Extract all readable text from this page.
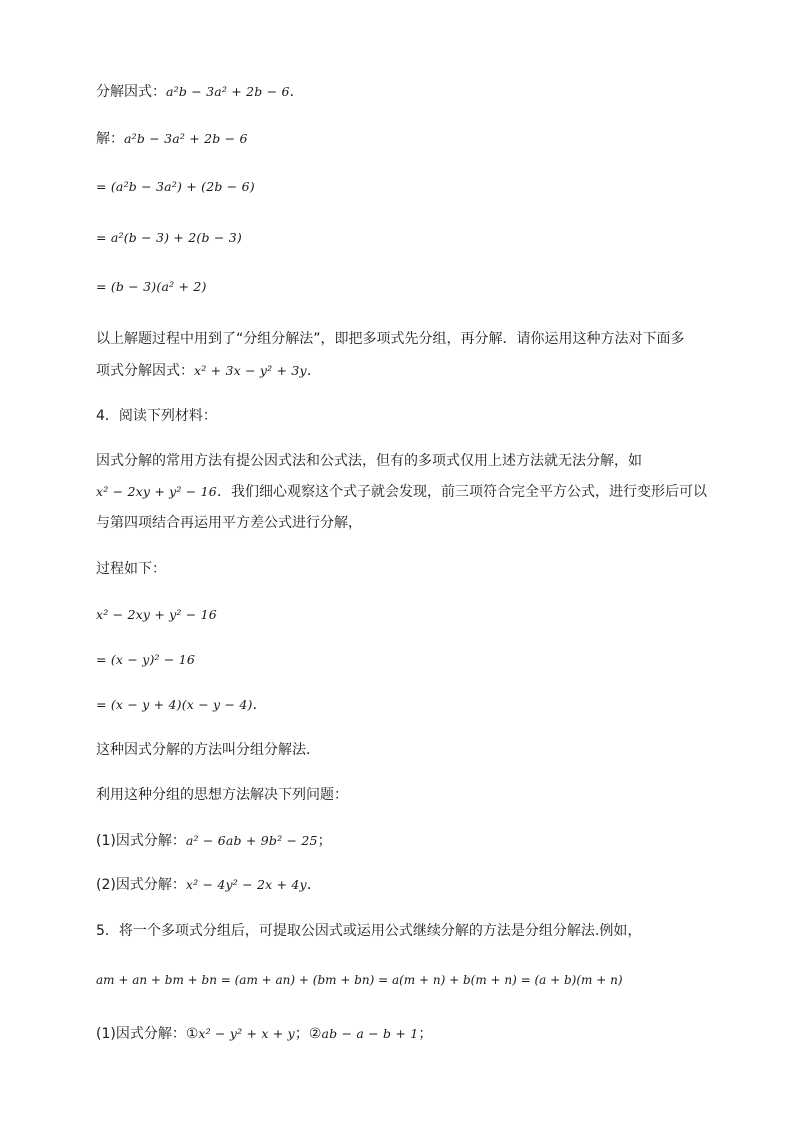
分解因式：a²b − 3a² + 2b − 6．
解：a²b − 3a² + 2b − 6
= (a²b − 3a²) + (2b − 6)
= a²(b − 3) + 2(b − 3)
= (b − 3)(a² + 2)
以上解题过程中用到了“分组分解法”，即把多项式先分组，再分解．请你运用这种方法对下面多
项式分解因式：x² + 3x − y² + 3y．
4．阅读下列材料：
因式分解的常用方法有提公因式法和公式法，但有的多项式仅用上述方法就无法分解，如
x² − 2xy + y² − 16．我们细心观察这个式子就会发现，前三项符合完全平方公式，进行变形后可以
与第四项结合再运用平方差公式进行分解，
过程如下：
x² − 2xy + y² − 16
= (x − y)² − 16
= (x − y + 4)(x − y − 4)．
这种因式分解的方法叫分组分解法．
利用这种分组的思想方法解决下列问题：
(1)因式分解：a² − 6ab + 9b² − 25；
(2)因式分解：x² − 4y² − 2x + 4y．
5．将一个多项式分组后，可提取公因式或运用公式继续分解的方法是分组分解法.例如，
am + an + bm + bn = (am + an) + (bm + bn) = a(m + n) + b(m + n) = (a + b)(m + n)
(1)因式分解：①x² − y² + x + y；②ab − a − b + 1；
